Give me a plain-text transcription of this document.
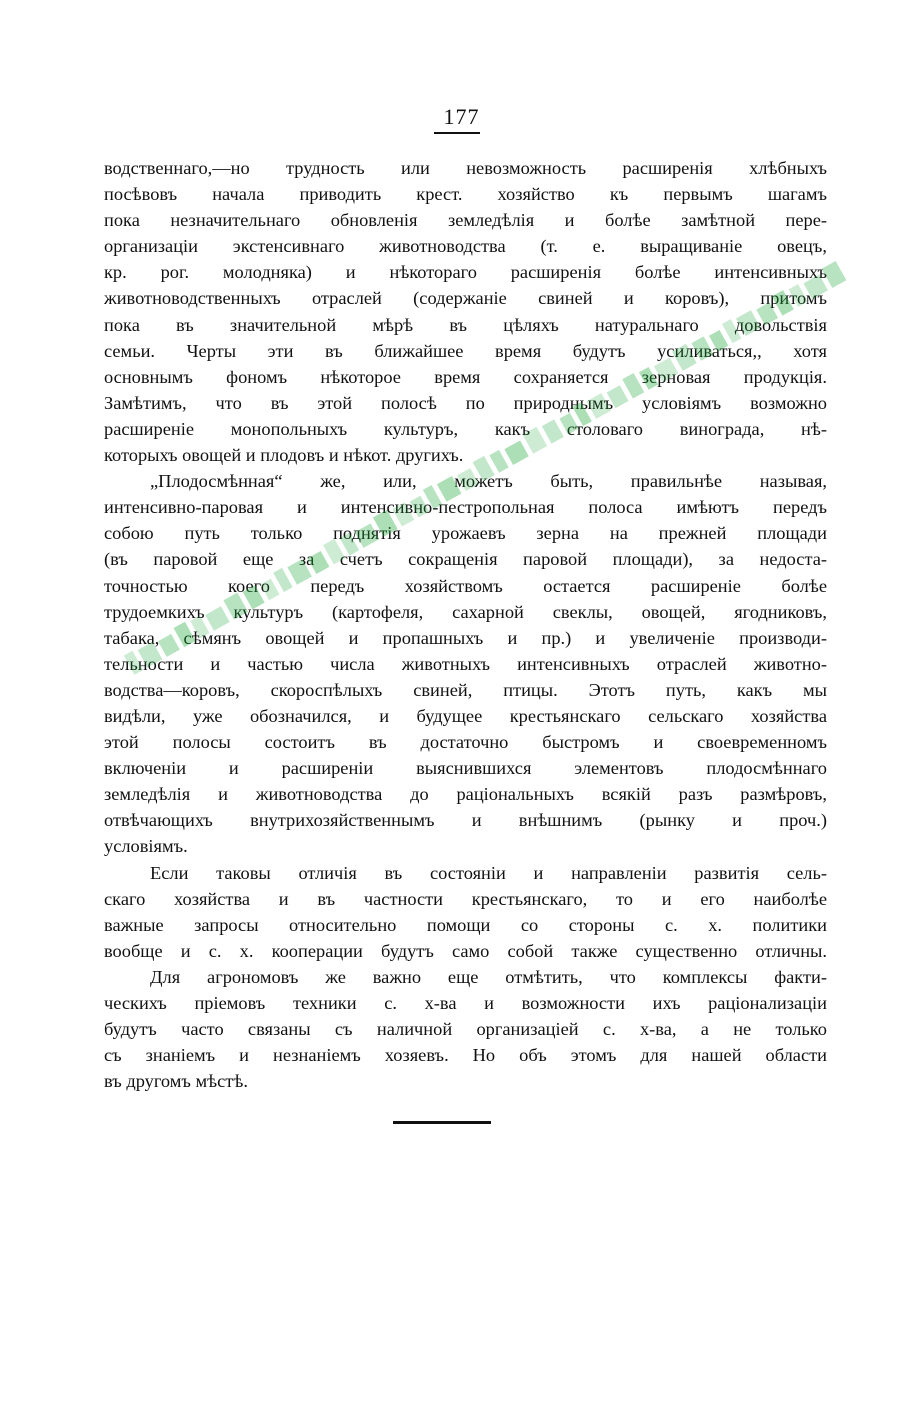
177
водственнаго,—но трудность или невозможность расширенія хлѣбныхъ
посѣвовъ начала приводить крест. хозяйство къ первымъ шагамъ
пока незначительнаго обновленія земледѣлія и болѣе замѣтной пере-
организаціи экстенсивнаго животноводства (т. е. выращиваніе овецъ,
кр. рог. молодняка) и нѣкотораго расширенія болѣе интенсивныхъ
животноводственныхъ отраслей (содержаніе свиней и коровъ), притомъ
пока въ значительной мѣрѣ въ цѣляхъ натуральнаго довольствія
семьи. Черты эти въ ближайшее время будутъ усиливаться,, хотя
основнымъ фономъ нѣкоторое время сохраняется зерновая продукція.
Замѣтимъ, что въ этой полосѣ по природнымъ условіямъ возможно
расширеніе монопольныхъ культуръ, какъ столоваго винограда, нѣ-
которыхъ овощей и плодовъ и нѣкот. другихъ.
„Плодосмѣнная“ же, или, можетъ быть, правильнѣе называя,
интенсивно-паровая и интенсивно-пестропольная полоса имѣютъ передъ
собою путь только поднятія урожаевъ зерна на прежней площади
(въ паровой еще за счетъ сокращенія паровой площади), за недоста-
точностью коего передъ хозяйствомъ остается расширеніе болѣе
трудоемкихъ культуръ (картофеля, сахарной свеклы, овощей, ягодниковъ,
табака, сѣмянъ овощей и пропашныхъ и пр.) и увеличеніе производи-
тельности и частью числа животныхъ интенсивныхъ отраслей животно-
водства—коровъ, скороспѣлыхъ свиней, птицы. Этотъ путь, какъ мы
видѣли, уже обозначился, и будущее крестьянскаго сельскаго хозяйства
этой полосы состоитъ въ достаточно быстромъ и своевременномъ
включеніи и расширеніи выяснившихся элементовъ плодосмѣннаго
земледѣлія и животноводства до раціональныхъ всякій разъ размѣровъ,
отвѣчающихъ внутрихозяйственнымъ и внѣшнимъ (рынку и проч.)
условіямъ.
Если таковы отличія въ состояніи и направленіи развитія сель-
скаго хозяйства и въ частности крестьянскаго, то и его наиболѣе
важные запросы относительно помощи со стороны с. х. политики
вообще и с. х. кооперации будутъ само собой также существенно отличны.
Для агрономовъ же важно еще отмѣтить, что комплексы факти-
ческихъ пріемовъ техники с. х-ва и возможности ихъ раціонализаціи
будутъ часто связаны съ наличной организаціей с. х-ва, а не только
съ знаніемъ и незнаніемъ хозяевъ. Но объ этомъ для нашей области
въ другомъ мѣстѣ.
